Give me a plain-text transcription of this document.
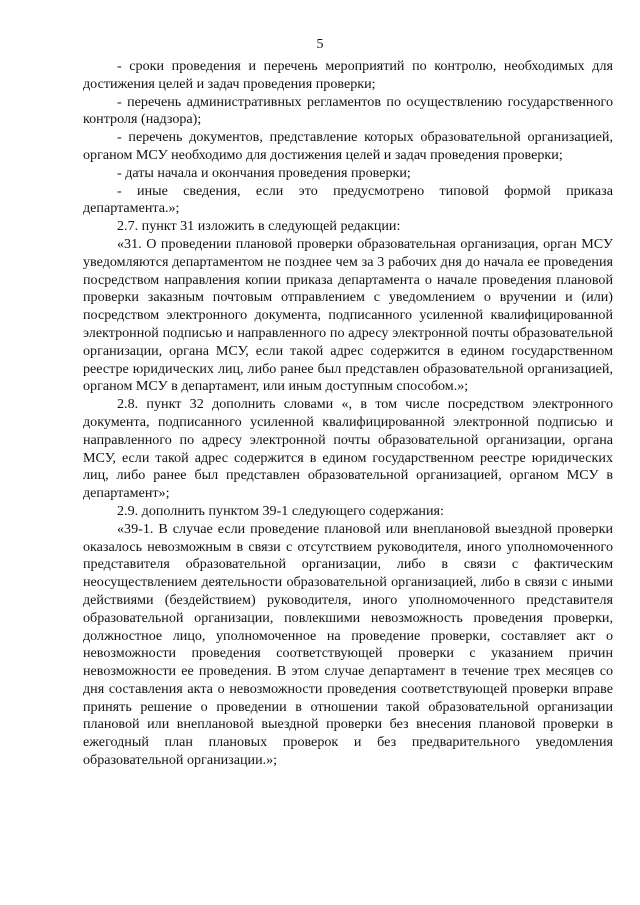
5

- сроки проведения и перечень мероприятий по контролю, необходимых для достижения целей и задач проведения проверки;

- перечень административных регламентов по осуществлению государственного контроля (надзора);

- перечень документов, представление которых образовательной организацией, органом МСУ необходимо для достижения целей и задач проведения проверки;

- даты начала и окончания проведения проверки;

- иные сведения, если это предусмотрено типовой формой приказа департамента.»;

2.7. пункт 31 изложить в следующей редакции:

«31. О проведении плановой проверки образовательная организация, орган МСУ уведомляются департаментом не позднее чем за 3 рабочих дня до начала ее проведения посредством направления копии приказа департамента о начале проведения плановой проверки заказным почтовым отправлением с уведомлением о вручении и (или) посредством электронного документа, подписанного усиленной квалифицированной электронной подписью и направленного по адресу электронной почты образовательной организации, органа МСУ, если такой адрес содержится в едином государственном реестре юридических лиц, либо ранее был представлен образовательной организацией, органом МСУ в департамент, или иным доступным способом.»;

2.8. пункт 32 дополнить словами «, в том числе посредством электронного документа, подписанного усиленной квалифицированной электронной подписью и направленного по адресу электронной почты образовательной организации, органа МСУ, если такой адрес содержится в едином государственном реестре юридических лиц, либо ранее был представлен образовательной организацией, органом МСУ в департамент»;

2.9. дополнить пунктом 39-1 следующего содержания:

«39-1. В случае если проведение плановой или внеплановой выездной проверки оказалось невозможным в связи с отсутствием руководителя, иного уполномоченного представителя образовательной организации, либо в связи с фактическим неосуществлением деятельности образовательной организацией, либо в связи с иными действиями (бездействием) руководителя, иного уполномоченного представителя образовательной организации, повлекшими невозможность проведения проверки, должностное лицо, уполномоченное на проведение проверки, составляет акт о невозможности проведения соответствующей проверки с указанием причин невозможности ее проведения. В этом случае департамент в течение трех месяцев со дня составления акта о невозможности проведения соответствующей проверки вправе принять решение о проведении в отношении такой образовательной организации плановой или внеплановой выездной проверки без внесения плановой проверки в ежегодный план плановых проверок и без предварительного уведомления образовательной организации.»;
